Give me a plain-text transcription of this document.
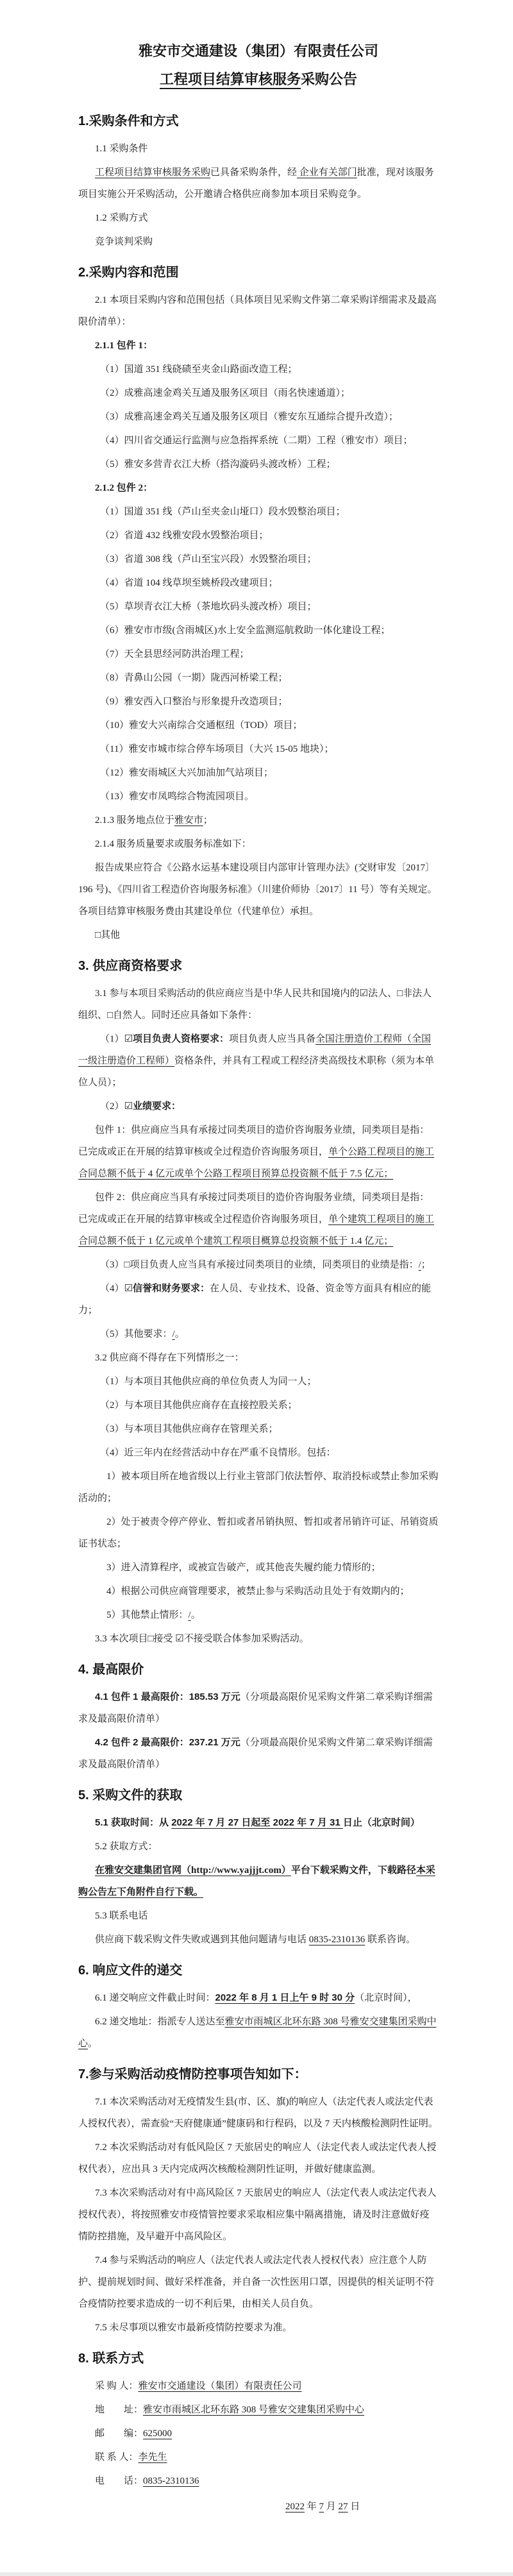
雅安市交通建设（集团）有限责任公司
工程项目结算审核服务采购公告
1.采购条件和方式

1.1 采购条件

工程项目结算审核服务采购已具备采购条件，经 企业有关部门批准，现对该服务项目实施公开采购活动，公开邀请合格供应商参加本项目采购竞争。

1.2 采购方式

竞争谈判采购

2.采购内容和范围

2.1 本项目采购内容和范围包括（具体项目见采购文件第二章采购详细需求及最高限价清单）：

2.1.1 包件 1：

（1）国道 351 线硗碛至夹金山路面改造工程；

（2）成雅高速金鸡关互通及服务区项目（雨名快速通道）；

（3）成雅高速金鸡关互通及服务区项目（雅安东互通综合提升改造）；

（4）四川省交通运行监测与应急指挥系统（二期）工程（雅安市）项目；

（5）雅安多营青衣江大桥（搭沟漩码头渡改桥）工程；

2.1.2 包件 2：

（1）国道 351 线（芦山至夹金山垭口）段水毁整治项目；

（2）省道 432 线雅安段水毁整治项目；

（3）省道 308 线（芦山至宝兴段）水毁整治项目；

（4）省道 104 线草坝至姚桥段改建项目；

（5）草坝青衣江大桥（茶地坎码头渡改桥）项目；

（6）雅安市市级(含雨城区)水上安全监测巡航救助一体化建设工程；

（7）天全县思经河防洪治理工程；

（8）青鼻山公园（一期）陇西河桥梁工程；

（9）雅安西入口整治与形象提升改造项目；

（10）雅安大兴南综合交通枢纽（TOD）项目；

（11）雅安市城市综合停车场项目（大兴 15-05 地块）；

（12）雅安雨城区大兴加油加气站项目；

（13）雅安市凤鸣综合物流园项目。

2.1.3 服务地点位于雅安市；

2.1.4 服务质量要求或服务标准如下：

报告成果应符合《公路水运基本建设项目内部审计管理办法》(交财审发〔2017〕196 号)、《四川省工程造价咨询服务标准》（川建价师协〔2017〕11 号）等有关规定。各项目结算审核服务费由其建设单位（代建单位）承担。

□其他

3. 供应商资格要求

3.1 参与本项目采购活动的供应商应当是中华人民共和国境内的☑法人、□非法人组织、□自然人。同时还应具备如下条件：

（1）☑项目负责人资格要求：项目负责人应当具备全国注册造价工程师（全国一级注册造价工程师）资格条件，并具有工程或工程经济类高级技术职称（须为本单位人员）；

（2）☑业绩要求：

包件 1：供应商应当具有承接过同类项目的造价咨询服务业绩，同类项目是指：已完成或正在开展的结算审核或全过程造价咨询服务项目，单个公路工程项目的施工合同总额不低于 4 亿元或单个公路工程项目预算总投资额不低于 7.5 亿元；

包件 2：供应商应当具有承接过同类项目的造价咨询服务业绩，同类项目是指：已完成或正在开展的结算审核或全过程造价咨询服务项目，单个建筑工程项目的施工合同总额不低于 1 亿元或单个建筑工程项目概算总投资额不低于 1.4 亿元；

（3）□项目负责人应当具有承接过同类项目的业绩，同类项目的业绩是指：/；

（4）☑信誉和财务要求：在人员、专业技术、设备、资金等方面具有相应的能力；

（5）其他要求：/。

3.2 供应商不得存在下列情形之一：

（1）与本项目其他供应商的单位负责人为同一人；

（2）与本项目其他供应商存在直接控股关系；

（3）与本项目其他供应商存在管理关系；

（4）近三年内在经营活动中存在严重不良情形。包括：

1）被本项目所在地省级以上行业主管部门依法暂停、取消投标或禁止参加采购活动的；

2）处于被责令停产停业、暂扣或者吊销执照、暂扣或者吊销许可证、吊销资质证书状态；

3）进入清算程序，或被宣告破产，或其他丧失履约能力情形的；

4）根据公司供应商管理要求，被禁止参与采购活动且处于有效期内的；

5）其他禁止情形：/。

3.3 本次项目□接受 ☑不接受联合体参加采购活动。

4. 最高限价

4.1 包件 1 最高限价：185.53 万元（分项最高限价见采购文件第二章采购详细需求及最高限价清单）

4.2 包件 2 最高限价：237.21 万元（分项最高限价见采购文件第二章采购详细需求及最高限价清单）

5. 采购文件的获取

5.1 获取时间：从 2022 年 7 月 27 日起至 2022 年 7 月 31 日止（北京时间）

5.2 获取方式：

在雅安交建集团官网（http://www.yajjjt.com）平台下载采购文件，下载路径本采购公告左下角附件自行下载。

5.3 联系电话

供应商下载采购文件失败或遇到其他问题请与电话 0835-2310136 联系咨询。

6. 响应文件的递交

6.1 递交响应文件截止时间：2022 年 8 月 1 日上午 9 时 30 分（北京时间），

6.2 递交地址：指派专人送达至雅安市雨城区北环东路 308 号雅安交建集团采购中心。

7.参与采购活动疫情防控事项告知如下：

7.1 本次采购活动对无疫情发生县(市、区、旗)的响应人（法定代表人或法定代表人授权代表），需查验“天府健康通”健康码和行程码，以及 7 天内核酸检测阴性证明。

7.2 本次采购活动对有低风险区 7 天旅居史的响应人（法定代表人或法定代表人授权代表），应出具 3 天内完成两次核酸检测阴性证明，并做好健康监测。

7.3 本次采购活动对有中高风险区 7 天旅居史的响应人（法定代表人或法定代表人授权代表），将按照雅安市疫情管控要求采取相应集中隔离措施，请及时注意做好疫情防控措施，及早避开中高风险区。

7.4 参与采购活动的响应人（法定代表人或法定代表人授权代表）应注意个人防护、提前规划时间、做好采样准备，并自备一次性医用口罩，因提供的相关证明不符合疫情防控要求造成的一切不利后果，由相关人员自负。

7.5 未尽事项以雅安市最新疫情防控要求为准。

8. 联系方式

采 购 人：雅安市交通建设（集团）有限责任公司

地　　址：雅安市雨城区北环东路 308 号雅安交建集团采购中心

邮　　编：625000

联 系 人：李先生

电　　话：0835-2310136

2022 年 7 月 27 日
